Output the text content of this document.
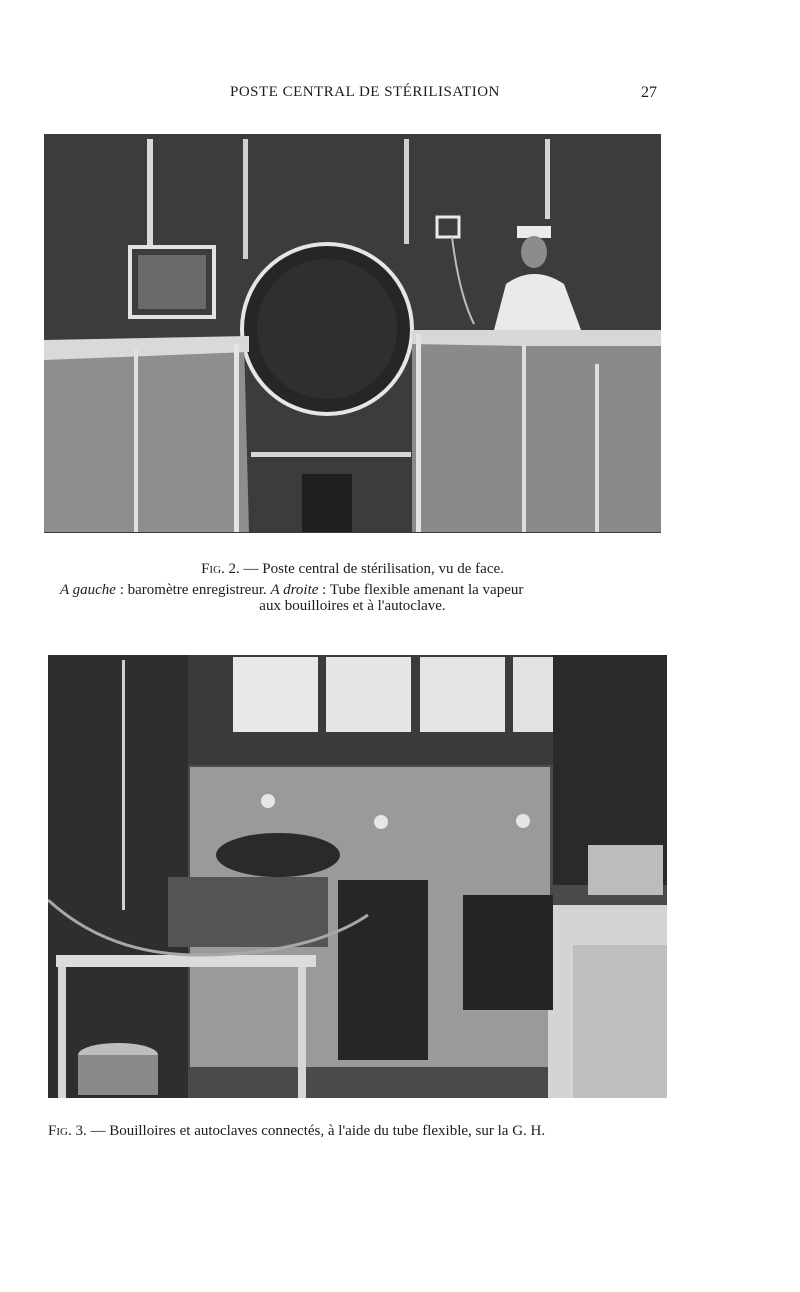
POSTE CENTRAL DE STÉRILISATION	27
Fig. 2. — Poste central de stérilisation, vu de face.
A gauche : baromètre enregistreur. A droite : Tube flexible amenant la vapeur
aux bouilloires et à l'autoclave.
Fig. 3. — Bouilloires et autoclaves connectés, à l'aide du tube flexible, sur la G. H.
